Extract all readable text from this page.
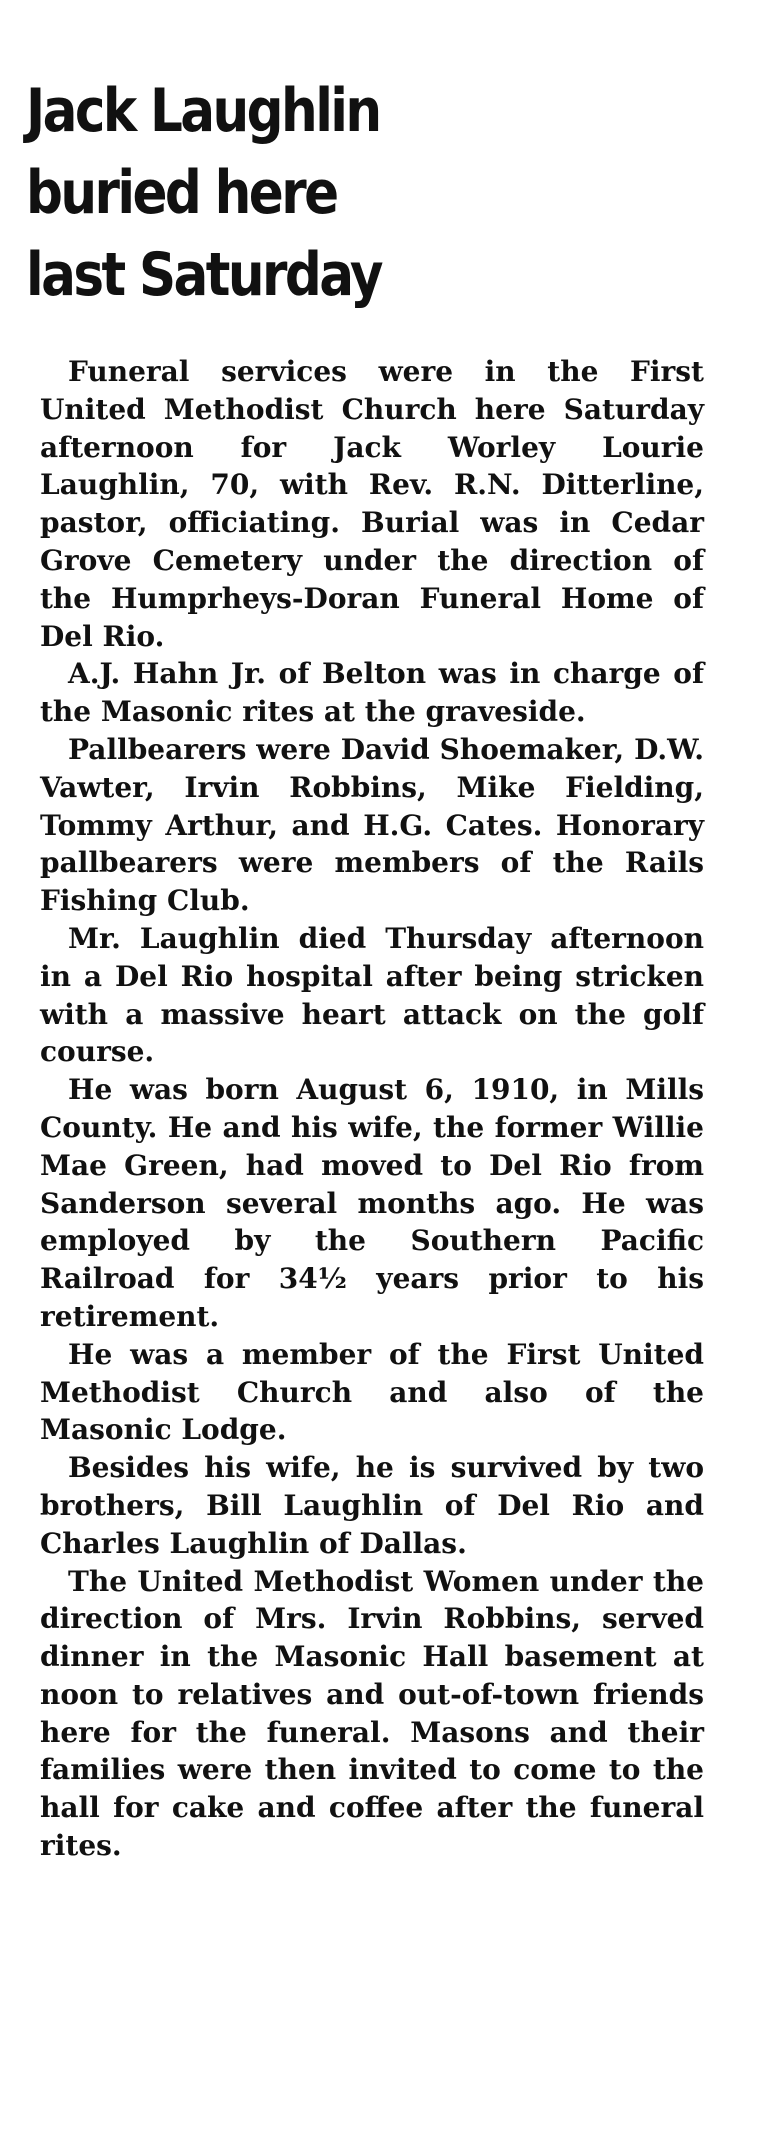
Jack Laughlin
buried here
last Saturday

Funeral services were in the First United Methodist Church here Saturday afternoon for Jack Worley Lourie Laughlin, 70, with Rev. R.N. Ditterline, pastor, officiating. Burial was in Cedar Grove Cemetery under the direction of the Humprheys-Doran Funeral Home of Del Rio.

A.J. Hahn Jr. of Belton was in charge of the Masonic rites at the graveside.

Pallbearers were David Shoemaker, D.W. Vawter, Irvin Robbins, Mike Fielding, Tommy Arthur, and H.G. Cates. Honorary pallbearers were members of the Rails Fishing Club.

Mr. Laughlin died Thursday afternoon in a Del Rio hospital after being stricken with a massive heart attack on the golf course.

He was born August 6, 1910, in Mills County. He and his wife, the former Willie Mae Green, had moved to Del Rio from Sanderson several months ago. He was employed by the Southern Pacific Railroad for 34½ years prior to his retirement.

He was a member of the First United Methodist Church and also of the Masonic Lodge.

Besides his wife, he is survived by two brothers, Bill Laughlin of Del Rio and Charles Laughlin of Dallas.

The United Methodist Women under the direction of Mrs. Irvin Robbins, served dinner in the Masonic Hall basement at noon to relatives and out-of-town friends here for the funeral. Masons and their families were then invited to come to the hall for cake and coffee after the funeral rites.
